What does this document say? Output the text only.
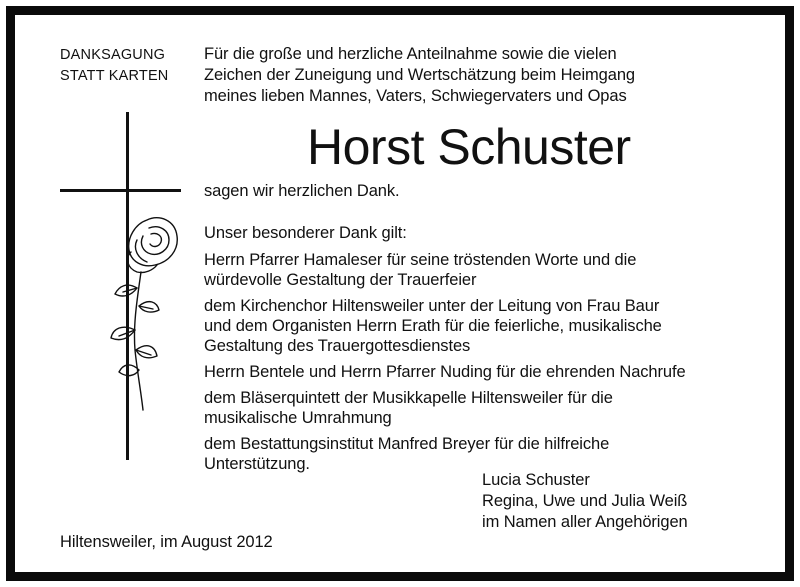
DANKSAGUNG
STATT KARTEN
Für die große und herzliche Anteilnahme sowie die vielen
Zeichen der Zuneigung und Wertschätzung beim Heimgang
meines lieben Mannes, Vaters, Schwiegervaters und Opas
Horst Schuster
sagen wir herzlichen Dank.
Unser besonderer Dank gilt:
Herrn Pfarrer Hamaleser für seine tröstenden Worte und die
würdevolle Gestaltung der Trauerfeier
dem Kirchenchor Hiltensweiler unter der Leitung von Frau Baur
und dem Organisten Herrn Erath für die feierliche, musikalische
Gestaltung des Trauergottesdienstes
Herrn Bentele und Herrn Pfarrer Nuding für die ehrenden Nachrufe
dem Bläserquintett der Musikkapelle Hiltensweiler für die
musikalische Umrahmung
dem Bestattungsinstitut Manfred Breyer für die hilfreiche
Unterstützung.
Lucia Schuster
Regina, Uwe und Julia Weiß
im Namen aller Angehörigen
Hiltensweiler, im August 2012
